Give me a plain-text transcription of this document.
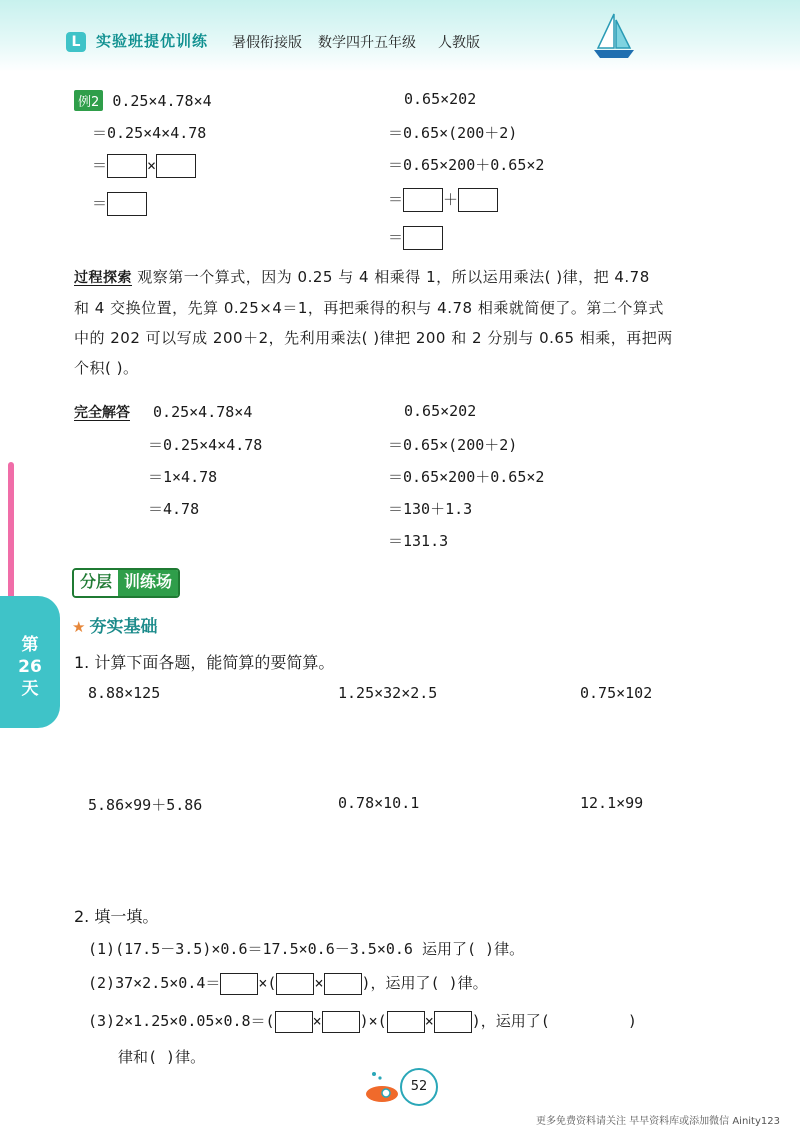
L	实验班提优训练 暑假衔接版 数学四升五年级 人教版
例2 0.25×4.78×4
＝0.25×4×4.78
＝	×
＝
0.65×202
＝0.65×(200＋2)
＝0.65×200＋0.65×2
＝	＋
＝
过程探索 观察第一个算式，因为 0.25 与 4 相乘得 1，所以运用乘法( )律，把 4.78
和 4 交换位置，先算 0.25×4＝1，再把乘得的积与 4.78 相乘就简便了。第二个算式
中的 202 可以写成 200＋2，先利用乘法( )律把 200 和 2 分别与 0.65 相乘，再把两
个积( )。
完全解答 0.25×4.78×4
＝0.25×4×4.78
＝1×4.78
＝4.78
0.65×202
＝0.65×(200＋2)
＝0.65×200＋0.65×2
＝130＋1.3
＝131.3
第26天
分层 训练场
★ 夯实基础
1. 计算下面各题，能简算的要简算。
8.88×125	1.25×32×2.5	0.75×102
5.86×99＋5.86	0.78×10.1	12.1×99
2. 填一填。
(1)(17.5－3.5)×0.6＝17.5×0.6－3.5×0.6 运用了( )律。
(2)37×2.5×0.4＝	×(	×	)，运用了( )律。
(3)2×1.25×0.05×0.8＝(	×	)×(	×	)，运用了(	)
律和( )律。
52
更多免费资料请关注 早早资料库或添加微信 Ainity123
